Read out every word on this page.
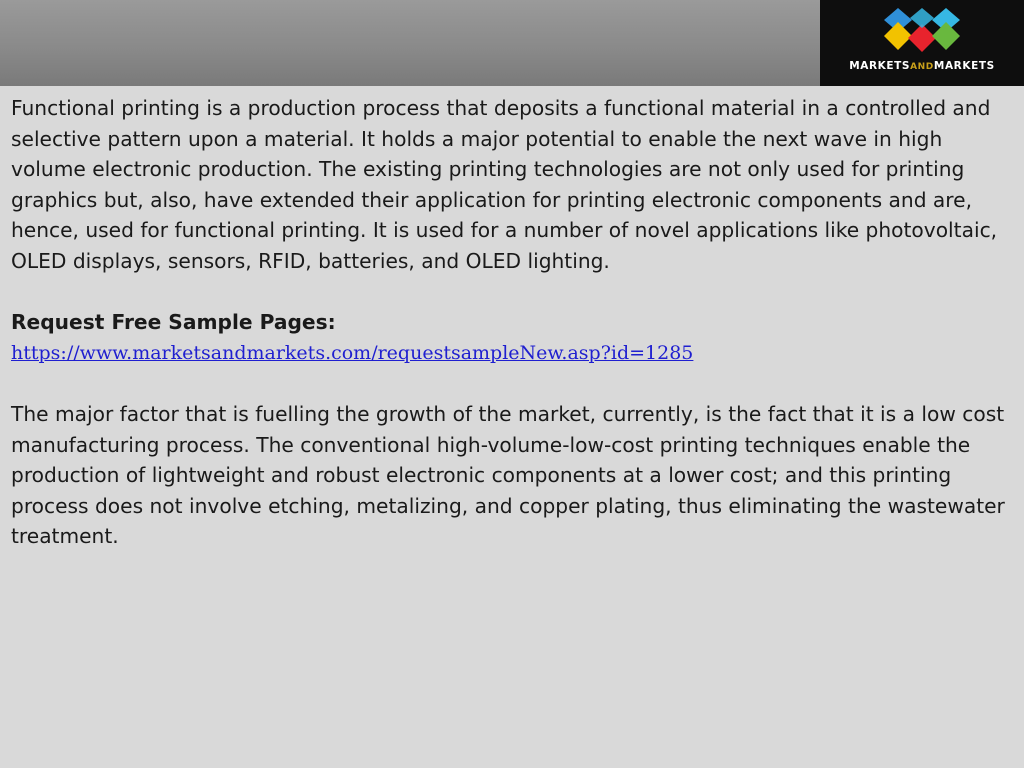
MARKETSANDMARKETS

Functional printing is a production process that deposits a functional material in a controlled and selective pattern upon a material. It holds a major potential to enable the next wave in high volume electronic production. The existing printing technologies are not only used for printing graphics but, also, have extended their application for printing electronic components and are, hence, used for functional printing. It is used for a number of novel applications like photovoltaic, OLED displays, sensors, RFID, batteries, and OLED lighting.

Request Free Sample Pages:

https://www.marketsandmarkets.com/requestsampleNew.asp?id=1285

The major factor that is fuelling the growth of the market, currently, is the fact that it is a low cost manufacturing process. The conventional high-volume-low-cost printing techniques enable the production of lightweight and robust electronic components at a lower cost; and this printing process does not involve etching, metalizing, and copper plating, thus eliminating the wastewater treatment.
